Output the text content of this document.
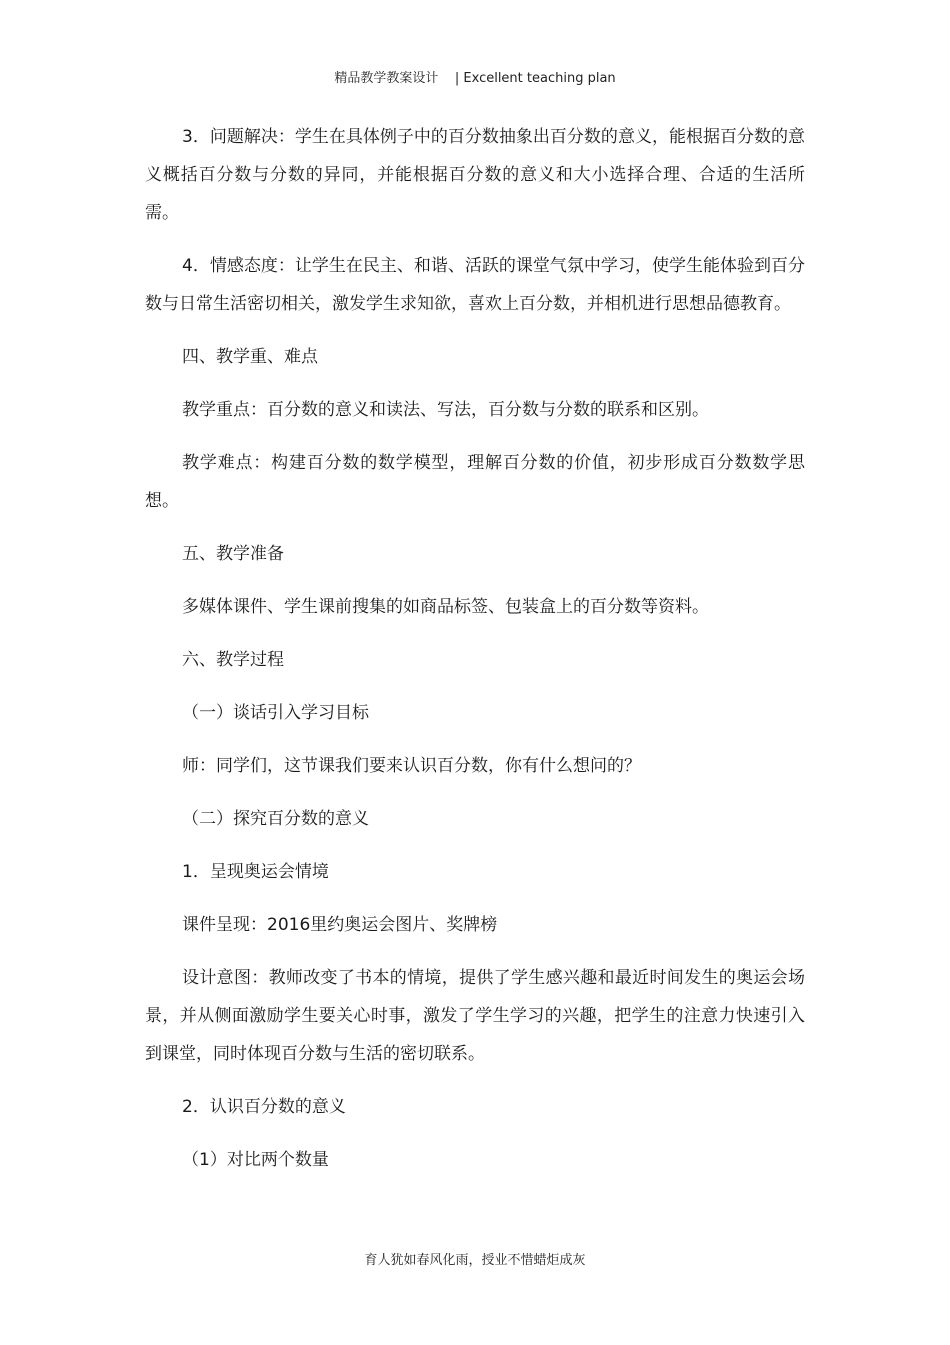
精品教学教案设计    | Excellent teaching plan

3．问题解决：学生在具体例子中的百分数抽象出百分数的意义，能根据百分数的意义概括百分数与分数的异同，并能根据百分数的意义和大小选择合理、合适的生活所需。

4．情感态度：让学生在民主、和谐、活跃的课堂气氛中学习，使学生能体验到百分数与日常生活密切相关，激发学生求知欲，喜欢上百分数，并相机进行思想品德教育。

四、教学重、难点
教学重点：百分数的意义和读法、写法，百分数与分数的联系和区别。

教学难点：构建百分数的数学模型，理解百分数的价值，初步形成百分数数学思想。

五、教学准备
多媒体课件、学生课前搜集的如商品标签、包装盒上的百分数等资料。
六、教学过程
（一）谈话引入学习目标
师：同学们，这节课我们要来认识百分数，你有什么想问的？
（二）探究百分数的意义
1．呈现奥运会情境
课件呈现：2016里约奥运会图片、奖牌榜

设计意图：教师改变了书本的情境，提供了学生感兴趣和最近时间发生的奥运会场景，并从侧面激励学生要关心时事，激发了学生学习的兴趣，把学生的注意力快速引入到课堂，同时体现百分数与生活的密切联系。

2．认识百分数的意义
（1）对比两个数量
育人犹如春风化雨，授业不惜蜡炬成灰
